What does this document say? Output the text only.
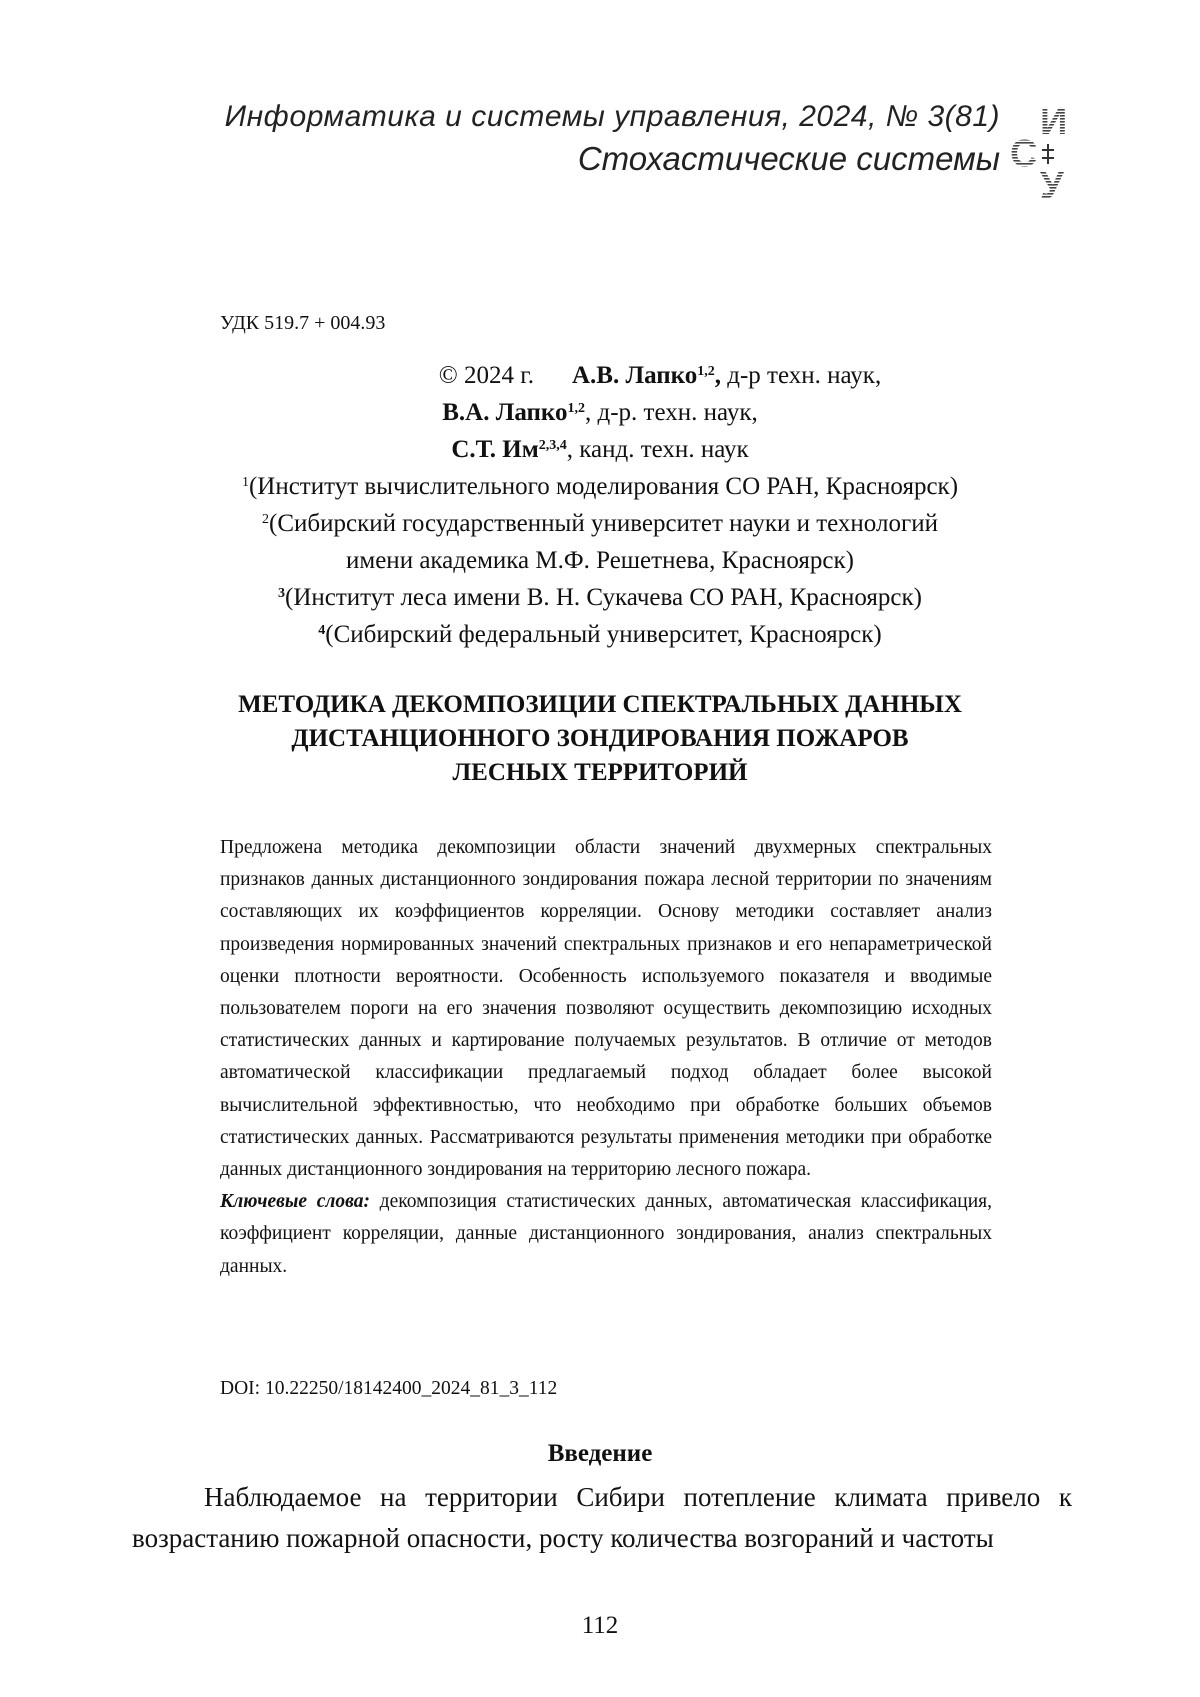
Информатика и системы управления, 2024, № 3(81)
Стохастические системы
И
С
У
УДК 519.7 + 004.93
© 2024 г. А.В. Лапко$^{1,2}$, д-р техн. наук,
В.А. Лапко$^{1,2}$, д-р. техн. наук,
С.Т. Им$^{2,3,4}$, канд. техн. наук
$^1$(Институт вычислительного моделирования СО РАН, Красноярск)
$^2$(Сибирский государственный университет науки и технологий
имени академика М.Ф. Решетнева, Красноярск)
$^3$(Институт леса имени В. Н. Сукачева СО РАН, Красноярск)
$^4$(Сибирский федеральный университет, Красноярск)
МЕТОДИКА ДЕКОМПОЗИЦИИ СПЕКТРАЛЬНЫХ ДАННЫХ
ДИСТАНЦИОННОГО ЗОНДИРОВАНИЯ ПОЖАРОВ
ЛЕСНЫХ ТЕРРИТОРИЙ

Предложена методика декомпозиции области значений двухмерных спектральных признаков данных дистанционного зондирования пожара лесной территории по значениям составляющих их коэффициентов корреляции. Основу методики составляет анализ произведения нормированных значений спектральных признаков и его непараметрической оценки плотности вероятности. Особенность используемого показателя и вводимые пользователем пороги на его значения позволяют осуществить декомпозицию исходных статистических данных и картирование получаемых результатов. В отличие от методов автоматической классификации предлагаемый подход обладает более высокой вычислительной эффективностью, что необходимо при обработке больших объемов статистических данных. Рассматриваются результаты применения методики при обработке данных дистанционного зондирования на территорию лесного пожара.

Ключевые слова: декомпозиция статистических данных, автоматическая классификация, коэффициент корреляции, данные дистанционного зондирования, анализ спектральных данных.

DOI: 10.22250/18142400_2024_81_3_112
Введение

Наблюдаемое на территории Сибири потепление климата привело к возрастанию пожарной опасности, росту количества возгораний и частоты

112
